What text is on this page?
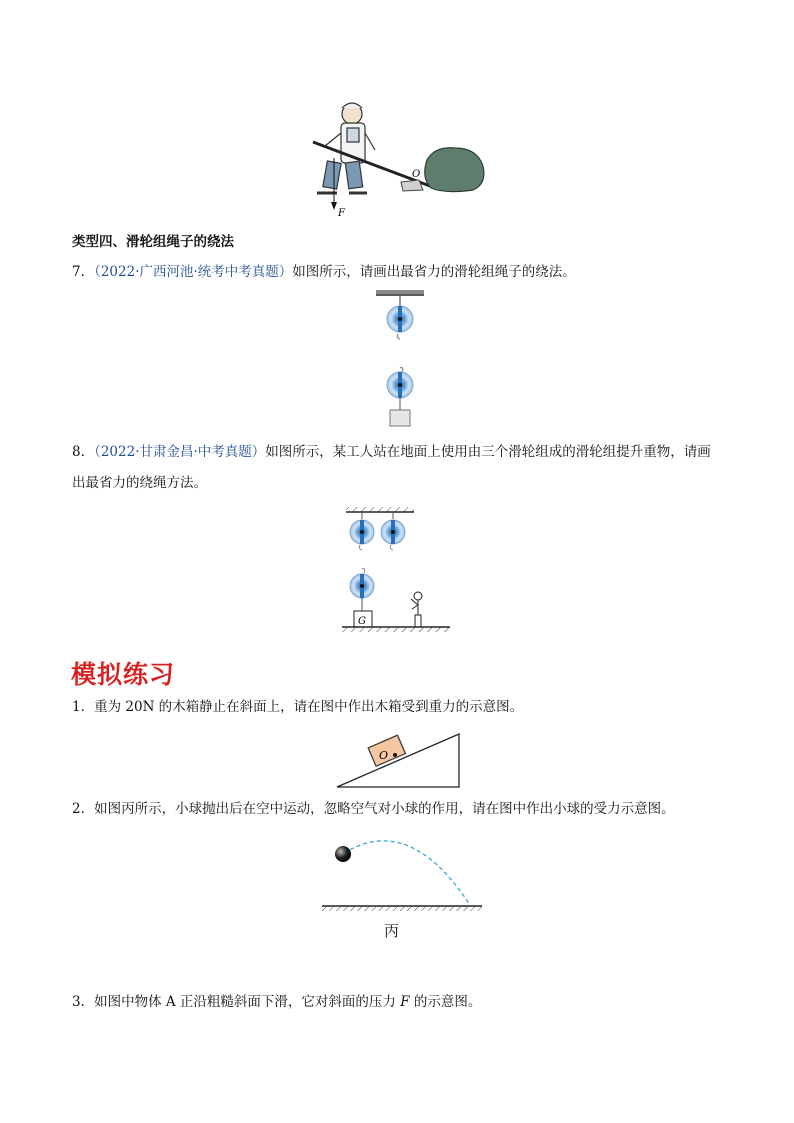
O
F
类型四、滑轮组绳子的绕法
7．（2022·广西河池·统考中考真题）如图所示，请画出最省力的滑轮组绳子的绕法。
8．（2022·甘肃金昌·中考真题）如图所示，某工人站在地面上使用由三个滑轮组成的滑轮组提升重物，请画
出最省力的绕绳方法。
G
模拟练习
1．重为 20N 的木箱静止在斜面上，请在图中作出木箱受到重力的示意图。
O
2．如图丙所示，小球抛出后在空中运动，忽略空气对小球的作用，请在图中作出小球的受力示意图。
丙
3．如图中物体 A 正沿粗糙斜面下滑，它对斜面的压力 F 的示意图。
